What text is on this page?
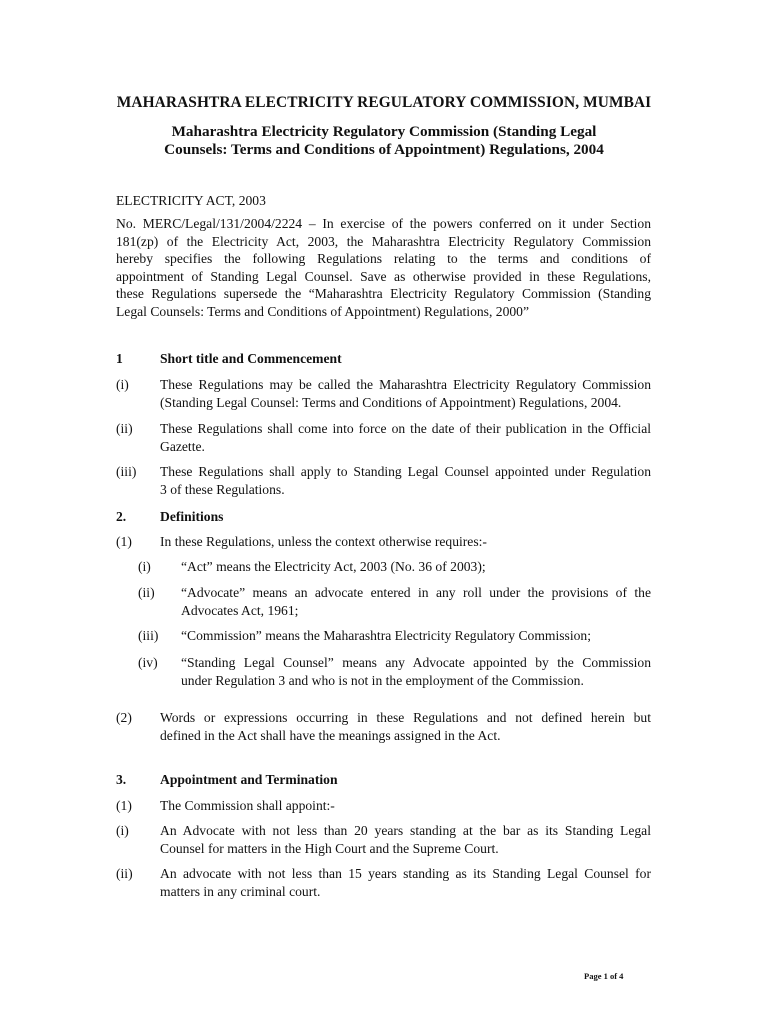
MAHARASHTRA ELECTRICITY REGULATORY COMMISSION, MUMBAI
Maharashtra Electricity Regulatory Commission (Standing Legal
Counsels: Terms and Conditions of Appointment) Regulations, 2004
ELECTRICITY ACT, 2003
No. MERC/Legal/131/2004/2224 – In exercise of the powers conferred on it under Section
181(zp) of the Electricity Act, 2003, the Maharashtra Electricity Regulatory Commission
hereby specifies the following Regulations relating to the terms and conditions of
appointment of Standing Legal Counsel. Save as otherwise provided in these Regulations,
these Regulations supersede the “Maharashtra Electricity Regulatory Commission (Standing
Legal Counsels: Terms and Conditions of Appointment) Regulations, 2000”
1	Short title and Commencement
(i) These Regulations may be called the Maharashtra Electricity Regulatory Commission
(Standing Legal Counsel: Terms and Conditions of Appointment) Regulations, 2004.
(ii) These Regulations shall come into force on the date of their publication in the Official
Gazette.
(iii) These Regulations shall apply to Standing Legal Counsel appointed under Regulation
3 of these Regulations.
2. Definitions
(1) In these Regulations, unless the context otherwise requires:-
(i) “Act” means the Electricity Act, 2003 (No. 36 of 2003);
(ii) “Advocate” means an advocate entered in any roll under the provisions of the
Advocates Act, 1961;
(iii) “Commission” means the Maharashtra Electricity Regulatory Commission;
(iv) “Standing Legal Counsel” means any Advocate appointed by the Commission
under Regulation 3 and who is not in the employment of the Commission.
(2) Words or expressions occurring in these Regulations and not defined herein but
defined in the Act shall have the meanings assigned in the Act.
3. Appointment and Termination
(1) The Commission shall appoint:-
(i) An Advocate with not less than 20 years standing at the bar as its Standing Legal
Counsel for matters in the High Court and the Supreme Court.
(ii) An advocate with not less than 15 years standing as its Standing Legal Counsel for
matters in any criminal court.
Page 1 of 4
